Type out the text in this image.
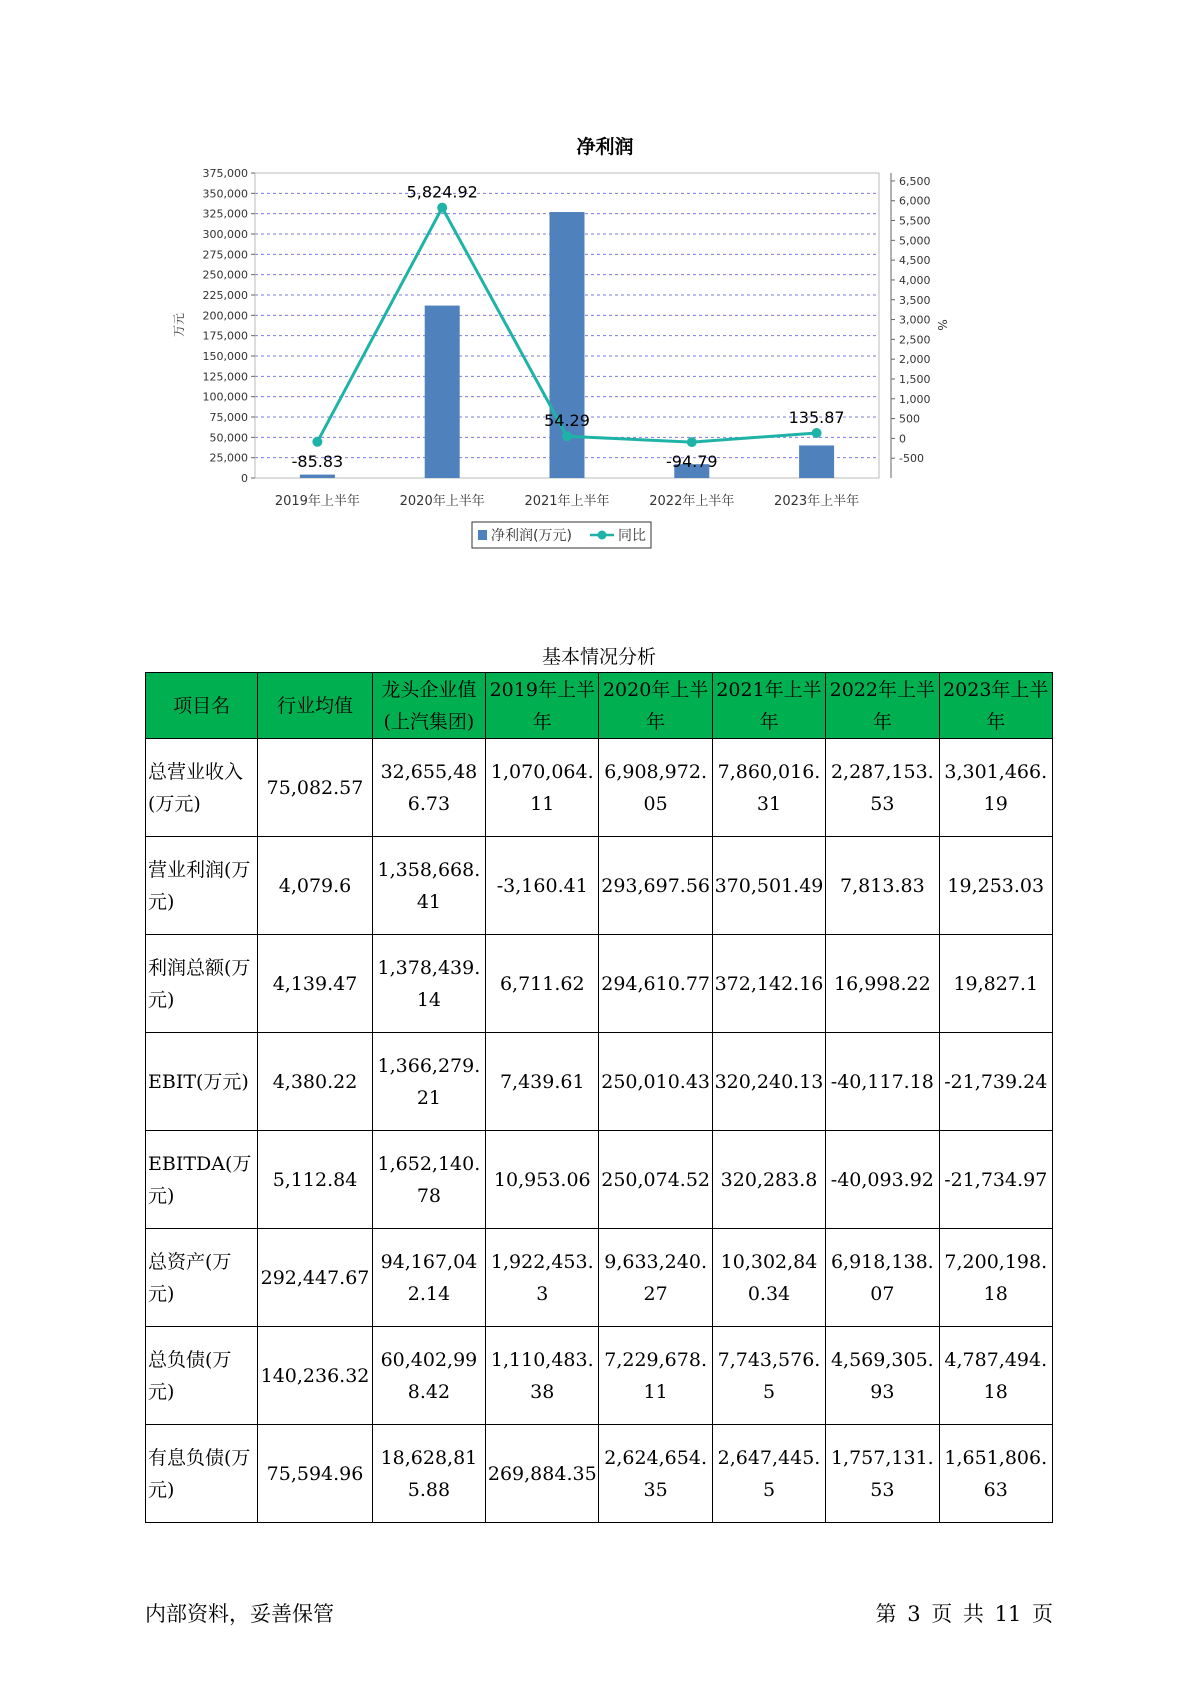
净利润
0
25,000
50,000
75,000
100,000
125,000
150,000
175,000
200,000
225,000
250,000
275,000
300,000
325,000
350,000
375,000
-500
0
500
1,000
1,500
2,000
2,500
3,000
3,500
4,000
4,500
5,000
5,500
6,000
6,500
万元	%
-85.83
5,824.92
54.29
-94.79
135.87
2019年上半年	2020年上半年	2021年上半年	2022年上半年	2023年上半年
净利润(万元)	同比
基本情况分析
项目名	行业均值	龙头企业值(上汽集团)	2019年上半年	2020年上半年	2021年上半年	2022年上半年	2023年上半年
总营业收入(万元)	75,082.57	32,655,486.73	1,070,064.11	6,908,972.05	7,860,016.31	2,287,153.53	3,301,466.19
营业利润(万元)	4,079.6	1,358,668.41	-3,160.41	293,697.56	370,501.49	7,813.83	19,253.03
利润总额(万元)	4,139.47	1,378,439.14	6,711.62	294,610.77	372,142.16	16,998.22	19,827.1
EBIT(万元)	4,380.22	1,366,279.21	7,439.61	250,010.43	320,240.13	-40,117.18	-21,739.24
EBITDA(万元)	5,112.84	1,652,140.78	10,953.06	250,074.52	320,283.8	-40,093.92	-21,734.97
总资产(万元)	292,447.67	94,167,042.14	1,922,453.3	9,633,240.27	10,302,840.34	6,918,138.07	7,200,198.18
总负债(万元)	140,236.32	60,402,998.42	1,110,483.38	7,229,678.11	7,743,576.5	4,569,305.93	4,787,494.18
有息负债(万元)	75,594.96	18,628,815.88	269,884.35	2,624,654.35	2,647,445.5	1,757,131.53	1,651,806.63
内部资料，妥善保管	第 3 页 共 11 页
